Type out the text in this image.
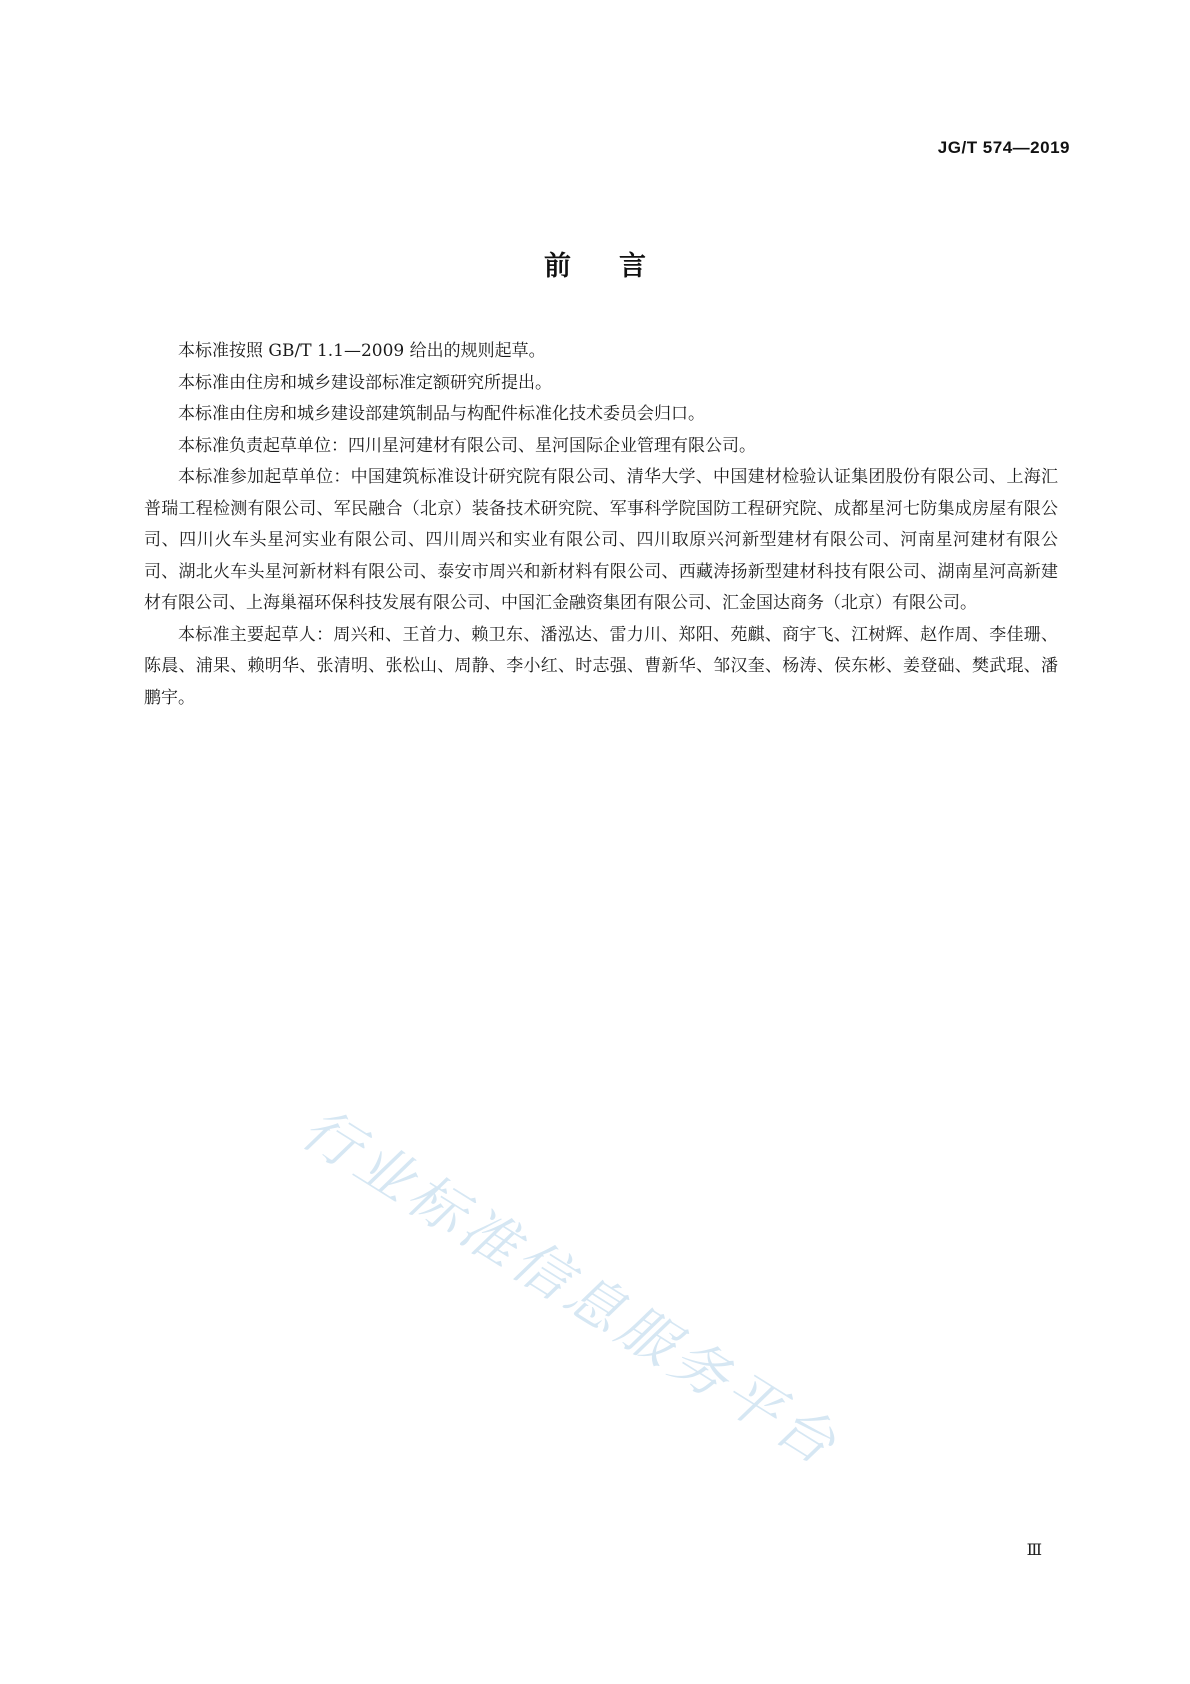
JG/T 574—2019
前言

本标准按照 GB/T 1.1—2009 给出的规则起草。

本标准由住房和城乡建设部标准定额研究所提出。

本标准由住房和城乡建设部建筑制品与构配件标准化技术委员会归口。

本标准负责起草单位：四川星河建材有限公司、星河国际企业管理有限公司。

本标准参加起草单位：中国建筑标准设计研究院有限公司、清华大学、中国建材检验认证集团股份有限公司、上海汇普瑞工程检测有限公司、军民融合（北京）装备技术研究院、军事科学院国防工程研究院、成都星河七防集成房屋有限公司、四川火车头星河实业有限公司、四川周兴和实业有限公司、四川取原兴河新型建材有限公司、河南星河建材有限公司、湖北火车头星河新材料有限公司、泰安市周兴和新材料有限公司、西藏涛扬新型建材科技有限公司、湖南星河高新建材有限公司、上海巢福环保科技发展有限公司、中国汇金融资集团有限公司、汇金国达商务（北京）有限公司。

本标准主要起草人：周兴和、王首力、赖卫东、潘泓达、雷力川、郑阳、苑麒、商宇飞、江树辉、赵作周、李佳珊、陈晨、浦果、赖明华、张清明、张松山、周静、李小红、时志强、曹新华、邹汉奎、杨涛、侯东彬、姜登础、樊武琨、潘鹏宇。

行业标准信息服务平台
Ⅲ
